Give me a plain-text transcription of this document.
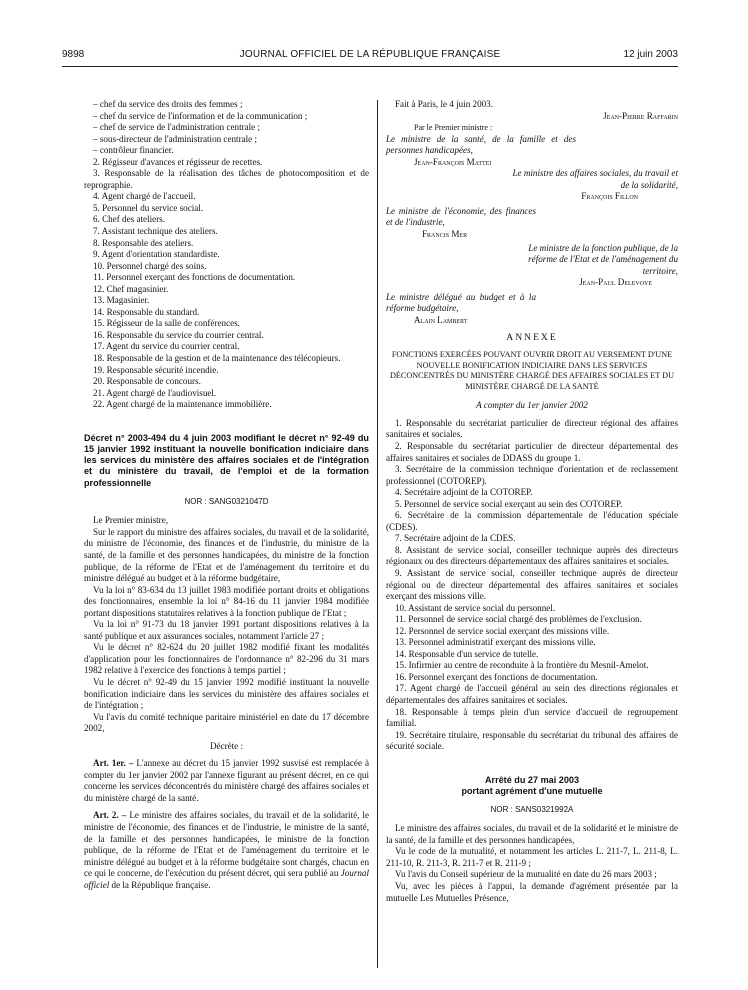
9898	JOURNAL OFFICIEL DE LA RÉPUBLIQUE FRANÇAISE	12 juin 2003

– chef du service des droits des femmes ;

– chef du service de l'information et de la communication ;

– chef de service de l'administration centrale ;

– sous-directeur de l'administration centrale ;

– contrôleur financier.

2. Régisseur d'avances et régisseur de recettes.

3. Responsable de la réalisation des tâches de photocomposition et de reprographie.

4. Agent chargé de l'accueil.

5. Personnel du service social.

6. Chef des ateliers.

7. Assistant technique des ateliers.

8. Responsable des ateliers.

9. Agent d'orientation standardiste.

10. Personnel chargé des soins.

11. Personnel exerçant des fonctions de documentation.

12. Chef magasinier.

13. Magasinier.

14. Responsable du standard.

15. Régisseur de la salle de conférences.

16. Responsable du service du courrier central.

17. Agent du service du courrier central.

18. Responsable de la gestion et de la maintenance des télécopieurs.

19. Responsable sécurité incendie.

20. Responsable de concours.

21. Agent chargé de l'audiovisuel.

22. Agent chargé de la maintenance immobilière.

Décret n° 2003-494 du 4 juin 2003 modifiant le décret n° 92-49 du 15 janvier 1992 instituant la nouvelle bonification indiciaire dans les services du ministère des affaires sociales et de l'intégration et du ministère du travail, de l'emploi et de la formation professionnelle
NOR : SANG0321047D

Le Premier ministre,

Sur le rapport du ministre des affaires sociales, du travail et de la solidarité, du ministre de l'économie, des finances et de l'industrie, du ministre de la santé, de la famille et des personnes handicapées, du ministre de la fonction publique, de la réforme de l'Etat et de l'aménagement du territoire et du ministre délégué au budget et à la réforme budgétaire,

Vu la loi n° 83-634 du 13 juillet 1983 modifiée portant droits et obligations des fonctionnaires, ensemble la loi n° 84-16 du 11 janvier 1984 modifiée portant dispositions statutaires relatives à la fonction publique de l'Etat ;

Vu la loi n° 91-73 du 18 janvier 1991 portant dispositions relatives à la santé publique et aux assurances sociales, notamment l'article 27 ;

Vu le décret n° 82-624 du 20 juillet 1982 modifié fixant les modalités d'application pour les fonctionnaires de l'ordonnance n° 82-296 du 31 mars 1982 relative à l'exercice des fonctions à temps partiel ;

Vu le décret n° 92-49 du 15 janvier 1992 modifié instituant la nouvelle bonification indiciaire dans les services du ministère des affaires sociales et de l'intégration ;

Vu l'avis du comité technique paritaire ministériel en date du 17 décembre 2002,

Décrète :

Art. 1er. – L'annexe au décret du 15 janvier 1992 susvisé est remplacée à compter du 1er janvier 2002 par l'annexe figurant au présent décret, en ce qui concerne les services déconcentrés du ministère chargé des affaires sociales et du ministère chargé de la santé.

Art. 2. – Le ministre des affaires sociales, du travail et de la solidarité, le ministre de l'économie, des finances et de l'industrie, le ministre de la santé, de la famille et des personnes handicapées, le ministre de la fonction publique, de la réforme de l'Etat et de l'aménagement du territoire et le ministre délégué au budget et à la réforme budgétaire sont chargés, chacun en ce qui le concerne, de l'exécution du présent décret, qui sera publié au Journal officiel de la République française.

Fait à Paris, le 4 juin 2003.

Jean-Pierre Raffarin

Par le Premier ministre :

Le ministre de la santé, de la famille et des personnes handicapées,

Jean-François Mattei

Le ministre des affaires sociales, du travail et de la solidarité,

François Fillon

Le ministre de l'économie, des finances et de l'industrie,

Francis Mer

Le ministre de la fonction publique, de la réforme de l'Etat et de l'aménagement du territoire,

Jean-Paul Delevoye

Le ministre délégué au budget et à la réforme budgétaire,

Alain Lambert

ANNEXE
FONCTIONS EXERCÉES POUVANT OUVRIR DROIT AU VERSEMENT D'UNE NOUVELLE BONIFICATION INDICIAIRE DANS LES SERVICES DÉCONCENTRÉS DU MINISTÈRE CHARGÉ DES AFFAIRES SOCIALES ET DU MINISTÈRE CHARGÉ DE LA SANTÉ
A compter du 1er janvier 2002

1. Responsable du secrétariat particulier de directeur régional des affaires sanitaires et sociales.

2. Responsable du secrétariat particulier de directeur départemental des affaires sanitaires et sociales de DDASS du groupe 1.

3. Secrétaire de la commission technique d'orientation et de reclassement professionnel (COTOREP).

4. Secrétaire adjoint de la COTOREP.

5. Personnel de service social exerçant au sein des COTOREP.

6. Secrétaire de la commission départementale de l'éducation spéciale (CDES).

7. Secrétaire adjoint de la CDES.

8. Assistant de service social, conseiller technique auprès des directeurs régionaux ou des directeurs départementaux des affaires sanitaires et sociales.

9. Assistant de service social, conseiller technique auprès de directeur régional ou de directeur départemental des affaires sanitaires et sociales exerçant des missions ville.

10. Assistant de service social du personnel.

11. Personnel de service social chargé des problèmes de l'exclusion.

12. Personnel de service social exerçant des missions ville.

13. Personnel administratif exerçant des missions ville.

14. Responsable d'un service de tutelle.

15. Infirmier au centre de reconduite à la frontière du Mesnil-Amelot.

16. Personnel exerçant des fonctions de documentation.

17. Agent chargé de l'accueil général au sein des directions régionales et départementales des affaires sanitaires et sociales.

18. Responsable à temps plein d'un service d'accueil de regroupement familial.

19. Secrétaire titulaire, responsable du secrétariat du tribunal des affaires de sécurité sociale.

Arrêté du 27 mai 2003
portant agrément d'une mutuelle
NOR : SANS0321992A

Le ministre des affaires sociales, du travail et de la solidarité et le ministre de la santé, de la famille et des personnes handicapées,

Vu le code de la mutualité, et notamment les articles L. 211-7, L. 211-8, L. 211-10, R. 211-3, R. 211-7 et R. 211-9 ;

Vu l'avis du Conseil supérieur de la mutualité en date du 26 mars 2003 ;

Vu, avec les pièces à l'appui, la demande d'agrément présentée par la mutuelle Les Mutuelles Présence,
